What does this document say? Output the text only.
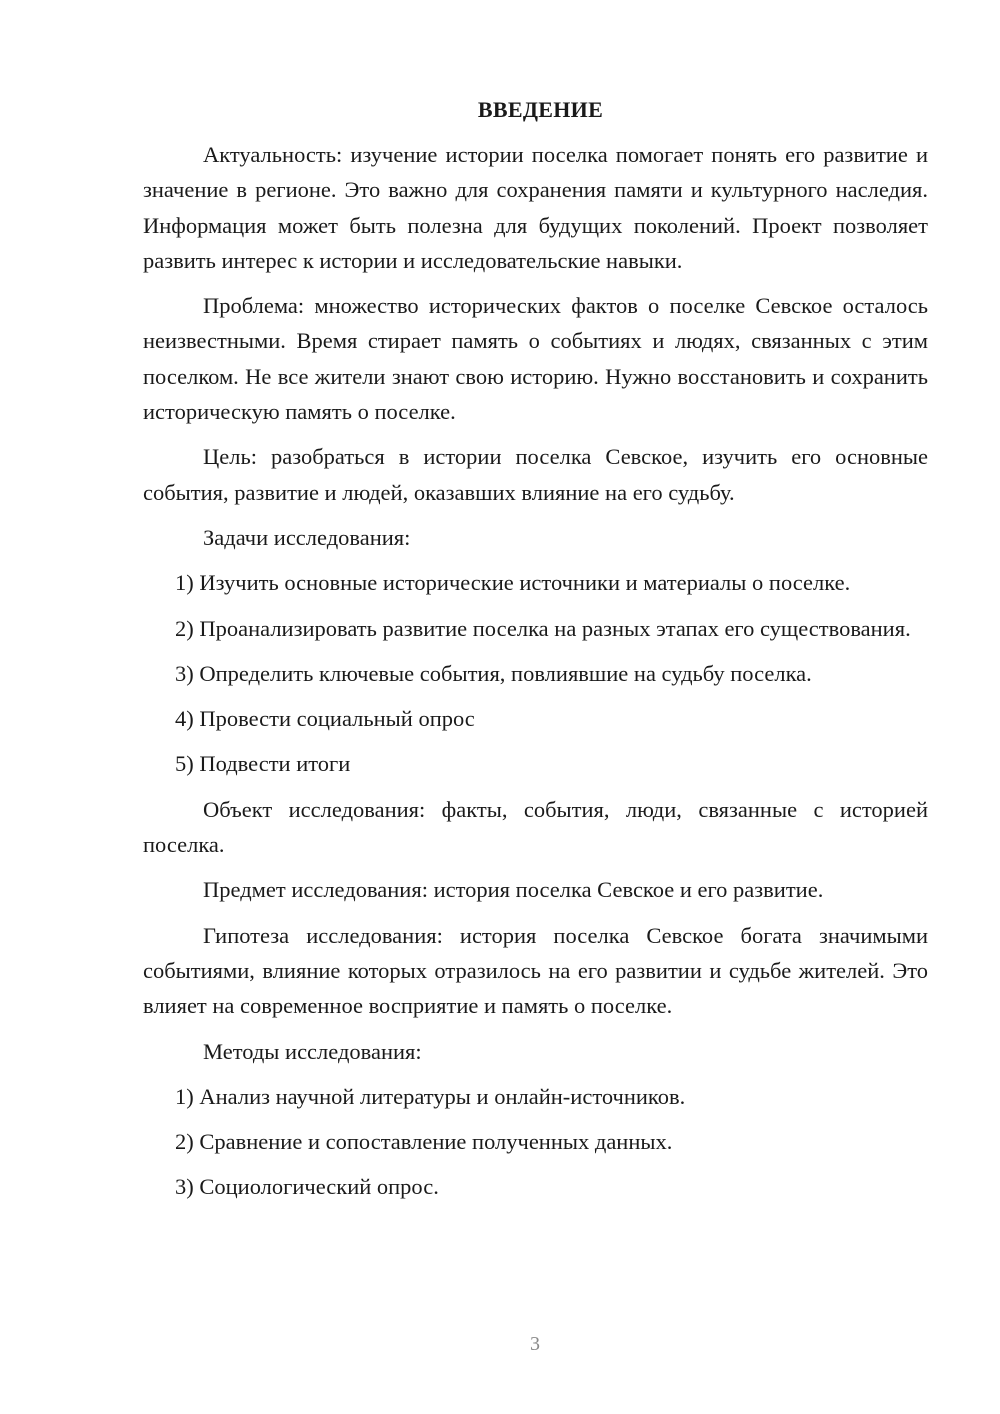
ВВЕДЕНИЕ

Актуальность: изучение истории поселка помогает понять его развитие и значение в регионе. Это важно для сохранения памяти и культурного наследия. Информация может быть полезна для будущих поколений. Проект позволяет развить интерес к истории и исследовательские навыки.

Проблема: множество исторических фактов о поселке Севское осталось неизвестными. Время стирает память о событиях и людях, связанных с этим поселком. Не все жители знают свою историю. Нужно восстановить и сохранить историческую память о поселке.

Цель: разобраться в истории поселка Севское, изучить его основные события, развитие и людей, оказавших влияние на его судьбу.

Задачи исследования:

1) Изучить основные исторические источники и материалы о поселке.

2) Проанализировать развитие поселка на разных этапах его существования.

3) Определить ключевые события, повлиявшие на судьбу поселка.

4) Провести социальный опрос

5) Подвести итоги

Объект исследования: факты, события, люди, связанные с историей поселка.

Предмет исследования: история поселка Севское и его развитие.

Гипотеза исследования: история поселка Севское богата значимыми событиями, влияние которых отразилось на его развитии и судьбе жителей. Это влияет на современное восприятие и память о поселке.

Методы исследования:

1) Анализ научной литературы и онлайн-источников.

2) Сравнение и сопоставление полученных данных.

3) Социологический опрос.

3
